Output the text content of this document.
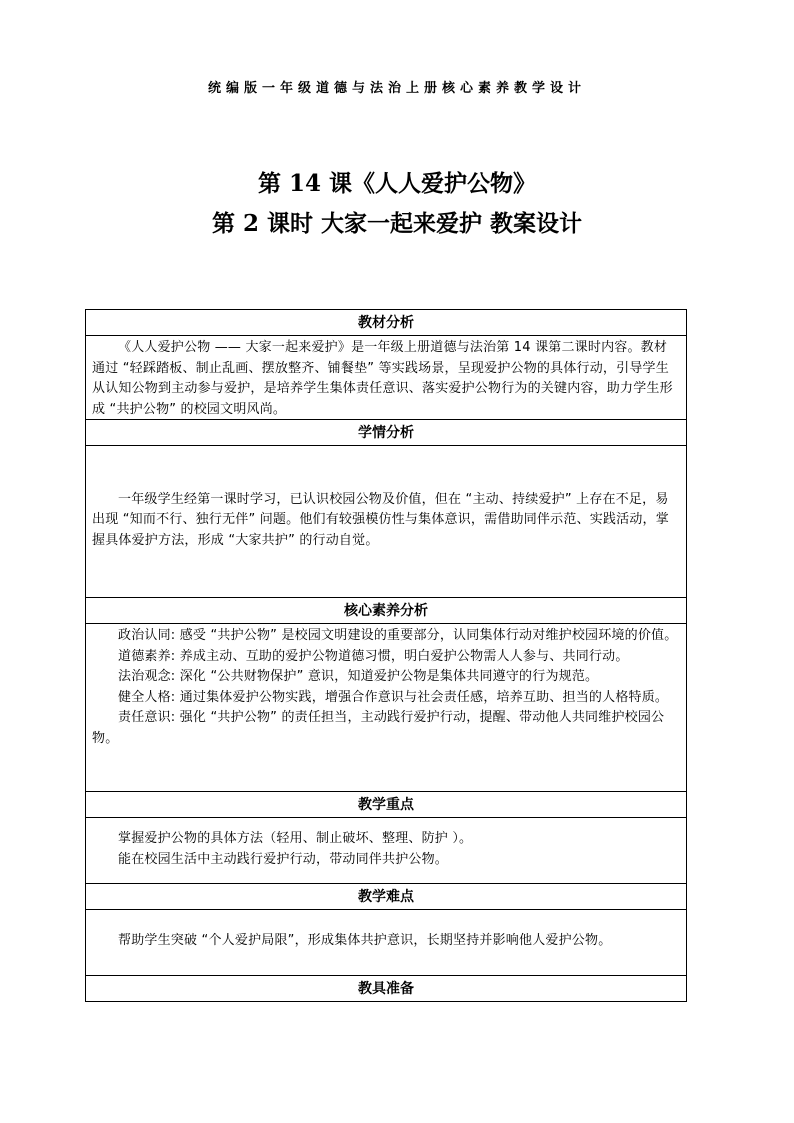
统编版一年级道德与法治上册核心素养教学设计
第 14 课《人人爱护公物》
第 2 课时 大家一起来爱护 教案设计
教材分析

《人人爱护公物 —— 大家一起来爱护》是一年级上册道德与法治第 14 课第二课时内容。教材通过 “轻踩踏板、制止乱画、摆放整齐、铺餐垫” 等实践场景，呈现爱护公物的具体行动，引导学生从认知公物到主动参与爱护，是培养学生集体责任意识、落实爱护公物行为的关键内容，助力学生形成 “共护公物” 的校园文明风尚。

学情分析

一年级学生经第一课时学习，已认识校园公物及价值，但在 “主动、持续爱护” 上存在不足，易出现 “知而不行、独行无伴” 问题。他们有较强模仿性与集体意识，需借助同伴示范、实践活动，掌握具体爱护方法，形成 “大家共护” 的行动自觉。

核心素养分析

政治认同: 感受 “共护公物” 是校园文明建设的重要部分，认同集体行动对维护校园环境的价值。

道德素养: 养成主动、互助的爱护公物道德习惯，明白爱护公物需人人参与、共同行动。

法治观念: 深化 “公共财物保护” 意识，知道爱护公物是集体共同遵守的行为规范。

健全人格: 通过集体爱护公物实践，增强合作意识与社会责任感，培养互助、担当的人格特质。

责任意识: 强化 “共护公物” 的责任担当，主动践行爱护行动，提醒、带动他人共同维护校园公物。

教学重点

掌握爱护公物的具体方法（轻用、制止破坏、整理、防护 ）。

能在校园生活中主动践行爱护行动，带动同伴共护公物。

教学难点

帮助学生突破 “个人爱护局限”，形成集体共护意识，长期坚持并影响他人爱护公物。

教具准备
